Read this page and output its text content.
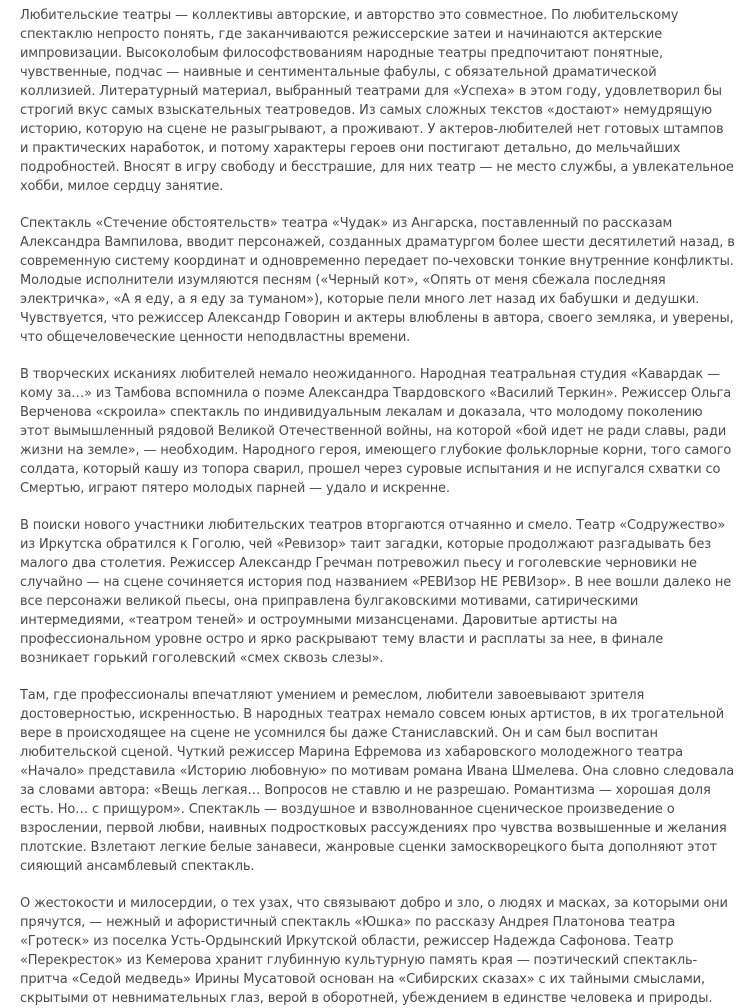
Любительские театры — коллективы авторские, и авторство это совместное. По любительскому спектаклю непросто понять, где заканчиваются режиссерские затеи и начинаются актерские импровизации. Высоколобым философствованиям народные театры предпочитают понятные, чувственные, подчас — наивные и сентиментальные фабулы, с обязательной драматической коллизией. Литературный материал, выбранный театрами для «Успеха» в этом году, удовлетворил бы строгий вкус самых взыскательных театроведов. Из самых сложных текстов «достают» немудрящую историю, которую на сцене не разыгрывают, а проживают. У актеров-любителей нет готовых штампов и практических наработок, и потому характеры героев они постигают детально, до мельчайших подробностей. Вносят в игру свободу и бесстрашие, для них театр — не место службы, а увлекательное хобби, милое сердцу занятие.

Спектакль «Стечение обстоятельств» театра «Чудак» из Ангарска, поставленный по рассказам Александра Вампилова, вводит персонажей, созданных драматургом более шести десятилетий назад, в современную систему координат и одновременно передает по-чеховски тонкие внутренние конфликты. Молодые исполнители изумляются песням («Черный кот», «Опять от меня сбежала последняя электричка», «А я еду, а я еду за туманом»), которые пели много лет назад их бабушки и дедушки. Чувствуется, что режиссер Александр Говорин и актеры влюблены в автора, своего земляка, и уверены, что общечеловеческие ценности неподвластны времени.

В творческих исканиях любителей немало неожиданного. Народная театральная студия «Кавардак — кому за…» из Тамбова вспомнила о поэме Александра Твардовского «Василий Теркин». Режиссер Ольга Верченова «скроила» спектакль по индивидуальным лекалам и доказала, что молодому поколению этот вымышленный рядовой Великой Отечественной войны, на которой «бой идет не ради славы, ради жизни на земле», — необходим. Народного героя, имеющего глубокие фольклорные корни, того самого солдата, который кашу из топора сварил, прошел через суровые испытания и не испугался схватки со Смертью, играют пятеро молодых парней — удало и искренне.

В поиски нового участники любительских театров вторгаются отчаянно и смело. Театр «Содружество» из Иркутска обратился к Гоголю, чей «Ревизор» таит загадки, которые продолжают разгадывать без малого два столетия. Режиссер Александр Гречман потревожил пьесу и гоголевские черновики не случайно — на сцене сочиняется история под названием «РЕВИзор НЕ РЕВИзор». В нее вошли далеко не все персонажи великой пьесы, она приправлена булгаковскими мотивами, сатирическими интермедиями, «театром теней» и остроумными мизансценами. Даровитые артисты на профессиональном уровне остро и ярко раскрывают тему власти и расплаты за нее, в финале возникает горький гоголевский «смех сквозь слезы».

Там, где профессионалы впечатляют умением и ремеслом, любители завоевывают зрителя достоверностью, искренностью. В народных театрах немало совсем юных артистов, в их трогательной вере в происходящее на сцене не усомнился бы даже Станиславский. Он и сам был воспитан любительской сценой. Чуткий режиссер Марина Ефремова из хабаровского молодежного театра «Начало» представила «Историю любовную» по мотивам романа Ивана Шмелева. Она словно следовала за словами автора: «Вещь легкая… Вопросов не ставлю и не разрешаю. Романтизма — хорошая доля есть. Но… с прищуром». Спектакль — воздушное и взволнованное сценическое произведение о взрослении, первой любви, наивных подростковых рассуждениях про чувства возвышенные и желания плотские. Взлетают легкие белые занавеси, жанровые сценки замоскворецкого быта дополняют этот сияющий ансамблевый спектакль.

О жестокости и милосердии, о тех узах, что связывают добро и зло, о людях и масках, за которыми они прячутся, — нежный и афористичный спектакль «Юшка» по рассказу Андрея Платонова театра «Гротеск» из поселка Усть-Ордынский Иркутской области, режиссер Надежда Сафонова. Театр «Перекресток» из Кемерова хранит глубинную культурную память края — поэтический спектакль-притча «Седой медведь» Ирины Мусатовой основан на «Сибирских сказах» с их тайными смыслами, скрытыми от невнимательных глаз, верой в оборотней, убеждением в единстве человека и природы.
